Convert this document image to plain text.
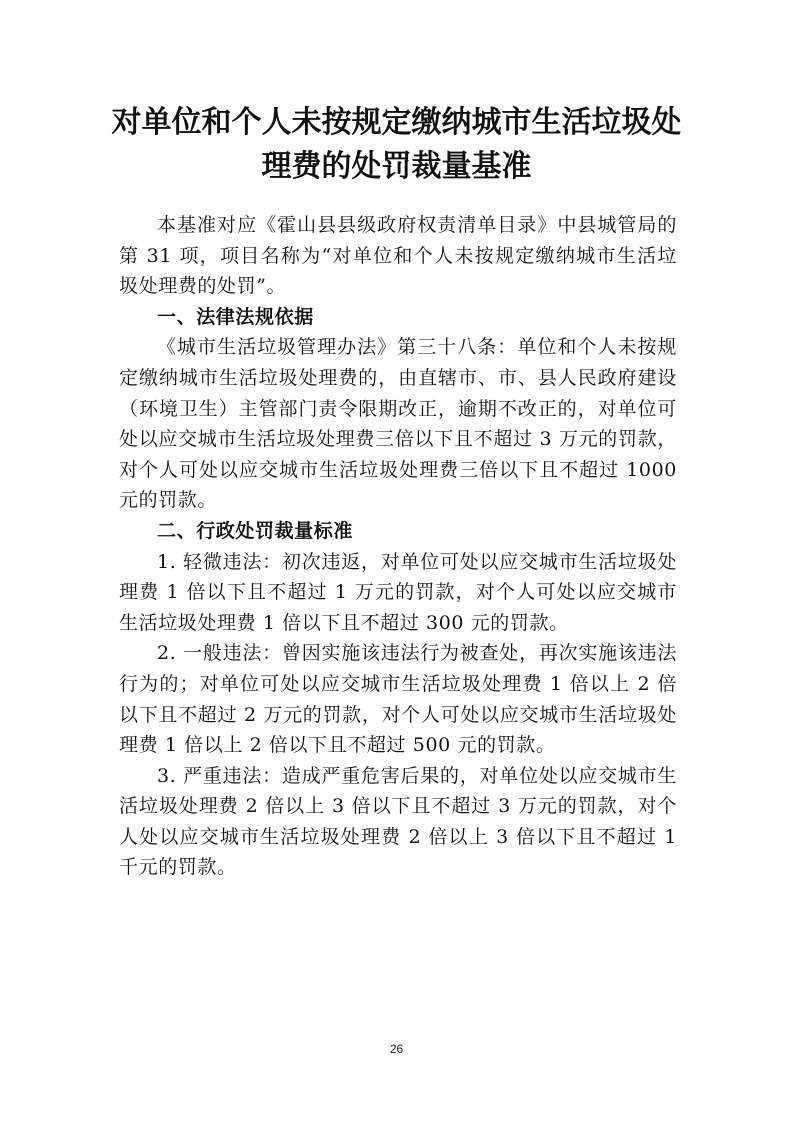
对单位和个人未按规定缴纳城市生活垃圾处
理费的处罚裁量基准

本基准对应《霍山县县级政府权责清单目录》中县城管局的第 31 项，项目名称为“对单位和个人未按规定缴纳城市生活垃圾处理费的处罚”。

一、法律法规依据

《城市生活垃圾管理办法》第三十八条：单位和个人未按规定缴纳城市生活垃圾处理费的，由直辖市、市、县人民政府建设（环境卫生）主管部门责令限期改正，逾期不改正的，对单位可处以应交城市生活垃圾处理费三倍以下且不超过 3 万元的罚款，对个人可处以应交城市生活垃圾处理费三倍以下且不超过 1000 元的罚款。

二、行政处罚裁量标准

1. 轻微违法：初次违返，对单位可处以应交城市生活垃圾处理费 1 倍以下且不超过 1 万元的罚款，对个人可处以应交城市生活垃圾处理费 1 倍以下且不超过 300 元的罚款。

2. 一般违法：曾因实施该违法行为被查处，再次实施该违法行为的；对单位可处以应交城市生活垃圾处理费 1 倍以上 2 倍以下且不超过 2 万元的罚款，对个人可处以应交城市生活垃圾处理费 1 倍以上 2 倍以下且不超过 500 元的罚款。

3. 严重违法：造成严重危害后果的，对单位处以应交城市生活垃圾处理费 2 倍以上 3 倍以下且不超过 3 万元的罚款，对个人处以应交城市生活垃圾处理费 2 倍以上 3 倍以下且不超过 1 千元的罚款。

26
